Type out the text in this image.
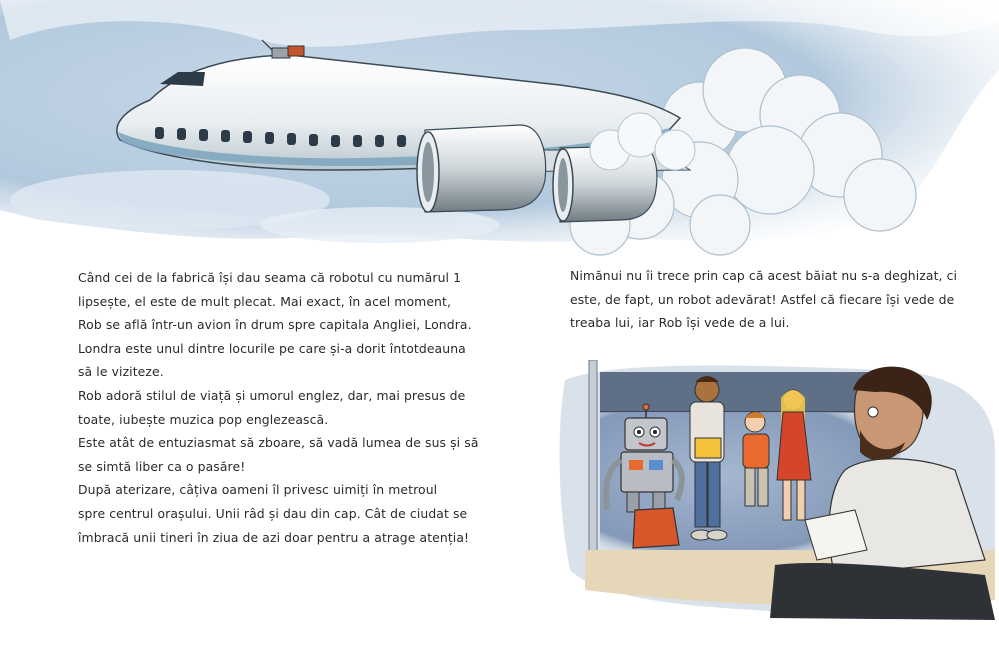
Când cei de la fabrică își dau seama că robotul cu numărul 1
lipsește, el este de mult plecat. Mai exact, în acel moment,
Rob se află într-un avion în drum spre capitala Angliei, Londra.
Londra este unul dintre locurile pe care și-a dorit întotdeauna
să le viziteze.
Rob adoră stilul de viață și umorul englez, dar, mai presus de
toate, iubește muzica pop englezească.
Este atât de entuziasmat să zboare, să vadă lumea de sus și să
se simtă liber ca o pasăre!
După aterizare, câțiva oameni îl privesc uimiți în metroul
spre centrul orașului. Unii râd și dau din cap. Cât de ciudat se
îmbracă unii tineri în ziua de azi doar pentru a atrage atenția!
Nimănui nu îi trece prin cap că acest băiat nu s-a deghizat, ci
este, de fapt, un robot adevărat! Astfel că fiecare își vede de
treaba lui, iar Rob își vede de a lui.
